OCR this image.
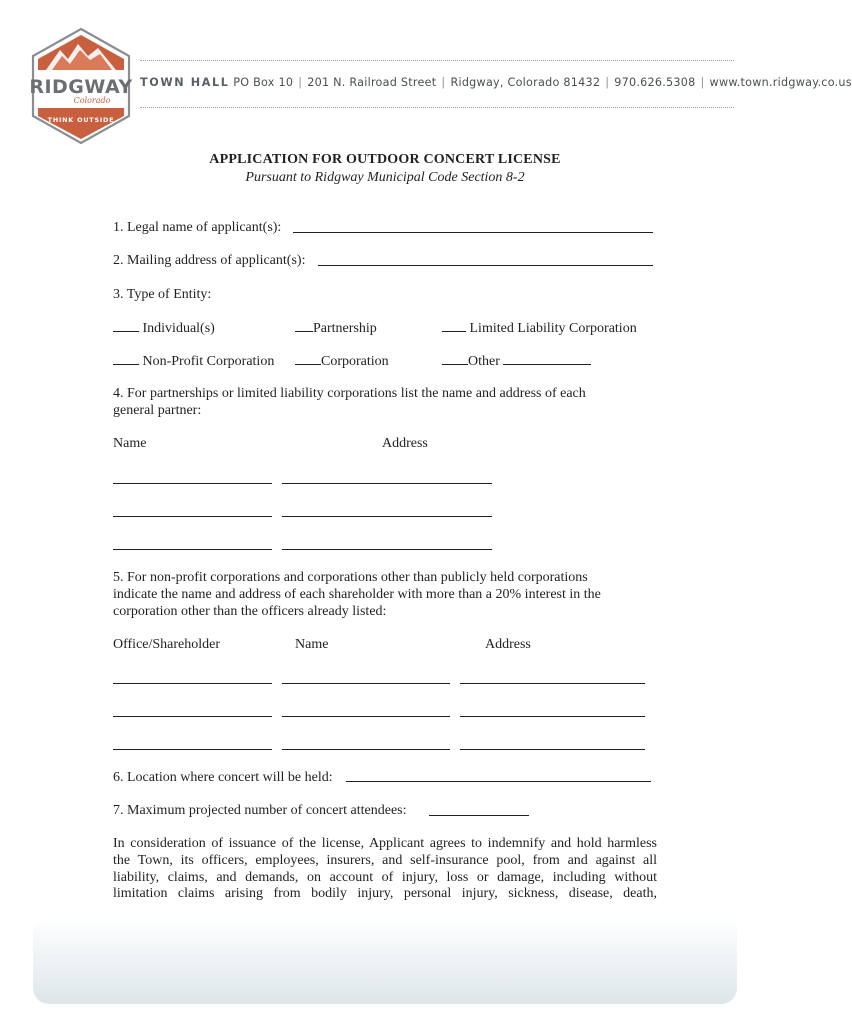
RIDGWAY
Colorado
THINK OUTSIDE
TOWN HALL PO Box 10 | 201 N. Railroad Street | Ridgway, Colorado 81432 | 970.626.5308 | www.town.ridgway.co.us
APPLICATION FOR OUTDOOR CONCERT LICENSE
Pursuant to Ridgway Municipal Code Section 8-2
1. Legal name of applicant(s):
2. Mailing address of applicant(s):
3. Type of Entity:
Individual(s)	Partnership	Limited Liability Corporation
Non-Profit Corporation	Corporation	Other
4. For partnerships or limited liability corporations list the name and address of each
general partner:
Name	Address
5. For non-profit corporations and corporations other than publicly held corporations
indicate the name and address of each shareholder with more than a 20% interest in the
corporation other than the officers already listed:
Office/Shareholder	Name	Address
6. Location where concert will be held:
7. Maximum projected number of concert attendees:
In consideration of issuance of the license, Applicant agrees to indemnify and hold harmless
the Town, its officers, employees, insurers, and self-insurance pool, from and against all
liability, claims, and demands, on account of injury, loss or damage, including without
limitation claims arising from bodily injury, personal injury, sickness, disease, death,
